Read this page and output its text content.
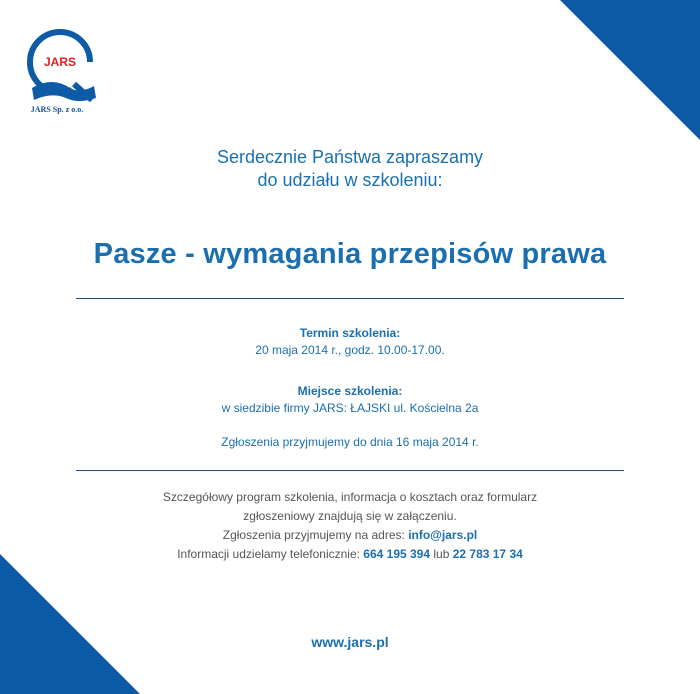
JARS
JARS Sp. z o.o.
Serdecznie Państwa zapraszamy
do udziału w szkoleniu:
Pasze - wymagania przepisów prawa
Termin szkolenia:
20 maja 2014 r., godz. 10.00-17.00.
Miejsce szkolenia:
w siedzibie firmy JARS: ŁAJSKI ul. Kościelna 2a
Zgłoszenia przyjmujemy do dnia 16 maja 2014 r.
Szczegółowy program szkolenia, informacja o kosztach oraz formularz
zgłoszeniowy znajdują się w załączeniu.
Zgłoszenia przyjmujemy na adres: info@jars.pl
Informacji udzielamy telefonicznie: 664 195 394 lub 22 783 17 34
www.jars.pl
